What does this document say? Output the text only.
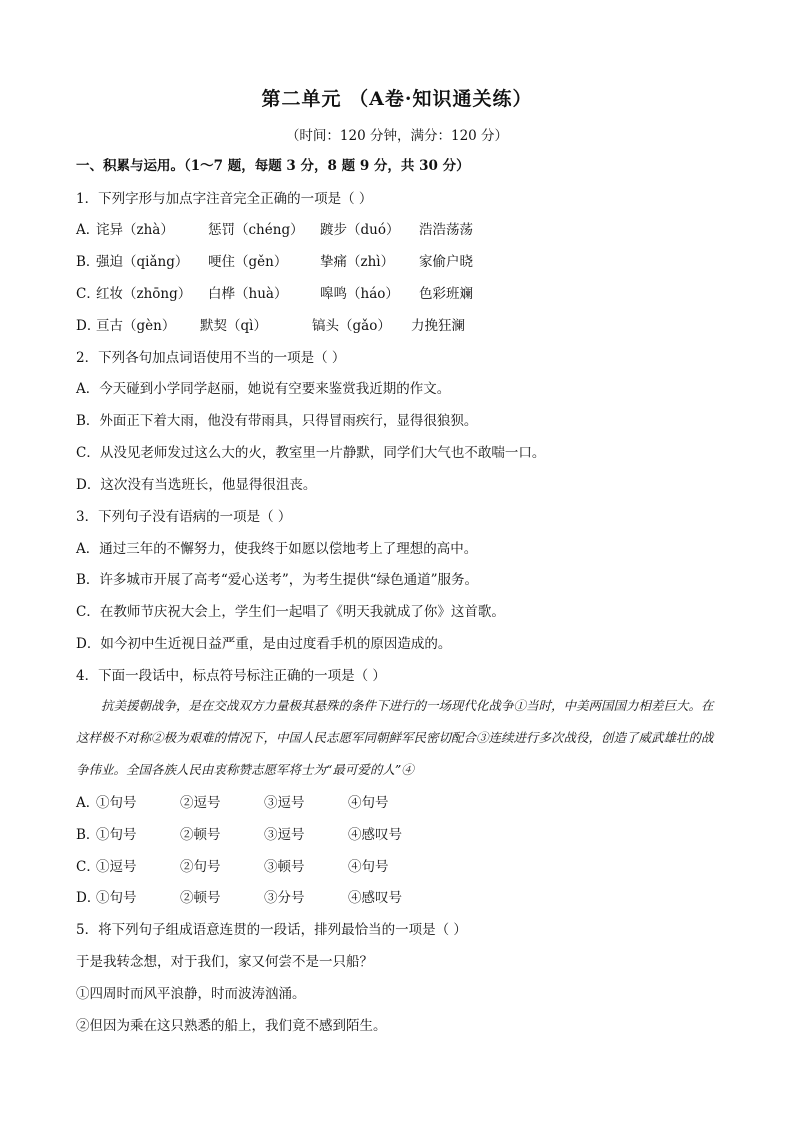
第二单元 （A卷·知识通关练）
（时间：120 分钟，满分：120 分）
一、积累与运用。（1～7 题，每题 3 分，8 题 9 分，共 30 分）
1．下列字形与加点字注音完全正确的一项是（ ）
A．
诧异（zhà）	惩罚（chéng） 踱步（duó） 浩浩荡荡
B．
强迫（qiǎng） 哽住（gěn） 挚痛（zhì） 家偷户晓
C．
红妆（zhōng） 白桦（huà） 嗥鸣（háo） 色彩班斓
D．
亘古（gèn） 默契（qì）	镐头（gǎo） 力挽狂澜
2．下列各句加点词语使用不当的一项是（ ）
A．今天碰到小学同学赵丽，她说有空要来鉴赏我近期的作文。
B．外面正下着大雨，他没有带雨具，只得冒雨疾行，显得很狼狈。
C．从没见老师发过这么大的火，教室里一片静默，同学们大气也不敢喘一口。
D．这次没有当选班长，他显得很沮丧。
3．下列句子没有语病的一项是（ ）
A．通过三年的不懈努力，使我终于如愿以偿地考上了理想的高中。
B．许多城市开展了高考“爱心送考”，为考生提供“绿色通道”服务。
C．在教师节庆祝大会上，学生们一起唱了《明天我就成了你》这首歌。
D．如今初中生近视日益严重，是由过度看手机的原因造成的。
4．下面一段话中，标点符号标注正确的一项是（ ）
抗美援朝战争，是在交战双方力量极其悬殊的条件下进行的一场现代化战争①当时，中美两国国力相差巨大。在这样极不对称②极为艰难的情况下，中国人民志愿军同朝鲜军民密切配合③连续进行多次战役，创造了威武雄壮的战争伟业。全国各族人民由衷称赞志愿军将士为“最可爱的人”④
A．
①句号	②逗号	③逗号	④句号
B．
①句号	②顿号	③逗号	④感叹号
C．
①逗号	②句号	③顿号	④句号
D．
①句号	②顿号	③分号	④感叹号
5．将下列句子组成语意连贯的一段话，排列最恰当的一项是（ ）
于是我转念想，对于我们，家又何尝不是一只船？
①四周时而风平浪静，时而波涛汹涌。
②但因为乘在这只熟悉的船上，我们竟不感到陌生。
